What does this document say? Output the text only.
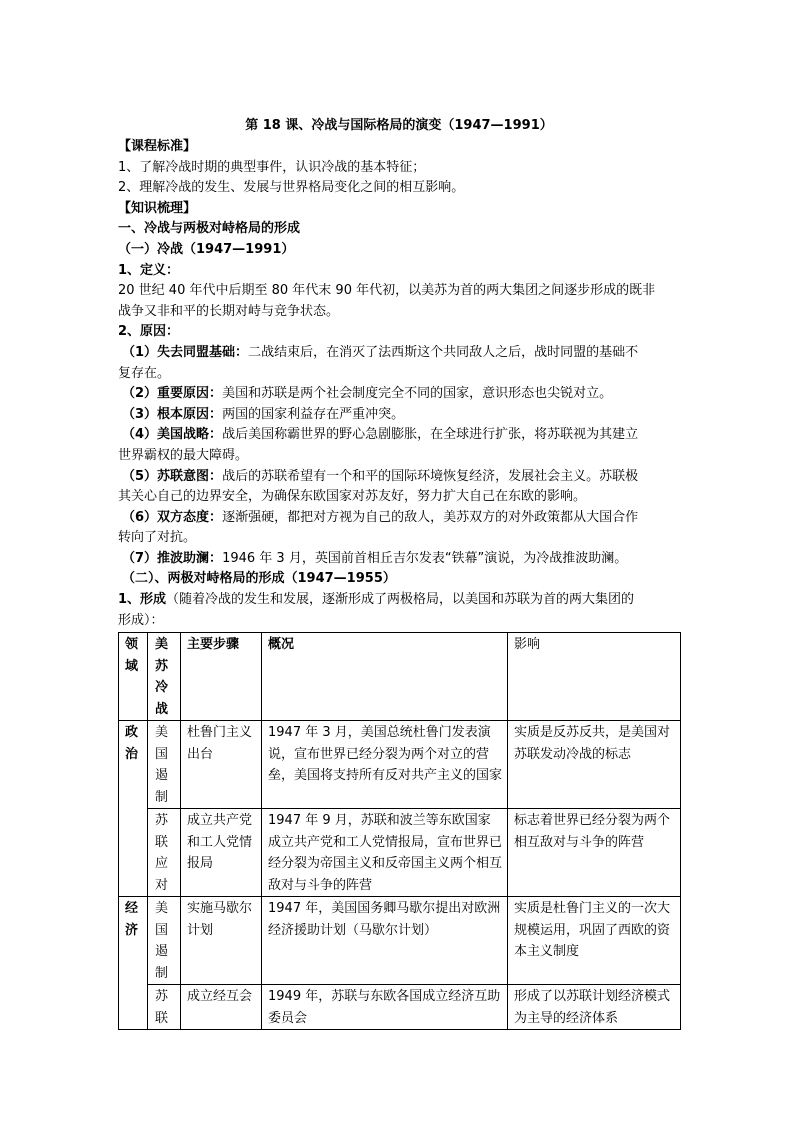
第 18 课、冷战与国际格局的演变（1947—1991）

【课程标准】

1、了解冷战时期的典型事件，认识冷战的基本特征；

2、理解冷战的发生、发展与世界格局变化之间的相互影响。

【知识梳理】

一、冷战与两极对峙格局的形成

（一）冷战（1947—1991）

1、定义：

20 世纪 40 年代中后期至 80 年代末 90 年代初，以美苏为首的两大集团之间逐步形成的既非

战争又非和平的长期对峙与竞争状态。

2、原因：

（1）失去同盟基础：二战结束后，在消灭了法西斯这个共同敌人之后，战时同盟的基础不

复存在。

（2）重要原因：美国和苏联是两个社会制度完全不同的国家，意识形态也尖锐对立。

（3）根本原因：两国的国家利益存在严重冲突。

（4）美国战略：战后美国称霸世界的野心急剧膨胀，在全球进行扩张，将苏联视为其建立

世界霸权的最大障碍。

（5）苏联意图：战后的苏联希望有一个和平的国际环境恢复经济，发展社会主义。苏联极

其关心自己的边界安全，为确保东欧国家对苏友好，努力扩大自己在东欧的影响。

（6）双方态度：逐渐强硬，都把对方视为自己的敌人，美苏双方的对外政策都从大国合作

转向了对抗。

（7）推波助澜：1946 年 3 月，英国前首相丘吉尔发表“铁幕”演说，为冷战推波助澜。

（二）、两极对峙格局的形成（1947—1955）

1、形成（随着冷战的发生和发展，逐渐形成了两极格局，以美国和苏联为首的两大集团的

形成）：

领域	美苏冷战	主要步骤	概况	影响
政治	美国遏制	杜鲁门主义出台	1947 年 3 月，美国总统杜鲁门发表演说，宣布世界已经分裂为两个对立的营垒，美国将支持所有反对共产主义的国家	实质是反苏反共，是美国对苏联发动冷战的标志
	苏联应对	成立共产党和工人党情报局	1947 年 9 月，苏联和波兰等东欧国家成立共产党和工人党情报局，宣布世界已经分裂为帝国主义和反帝国主义两个相互敌对与斗争的阵营	标志着世界已经分裂为两个相互敌对与斗争的阵营
经济	美国遏制	实施马歇尔计划	1947 年，美国国务卿马歇尔提出对欧洲经济援助计划（马歇尔计划）	实质是杜鲁门主义的一次大规模运用，巩固了西欧的资本主义制度
	苏联	成立经互会	1949 年，苏联与东欧各国成立经济互助委员会	形成了以苏联计划经济模式为主导的经济体系
